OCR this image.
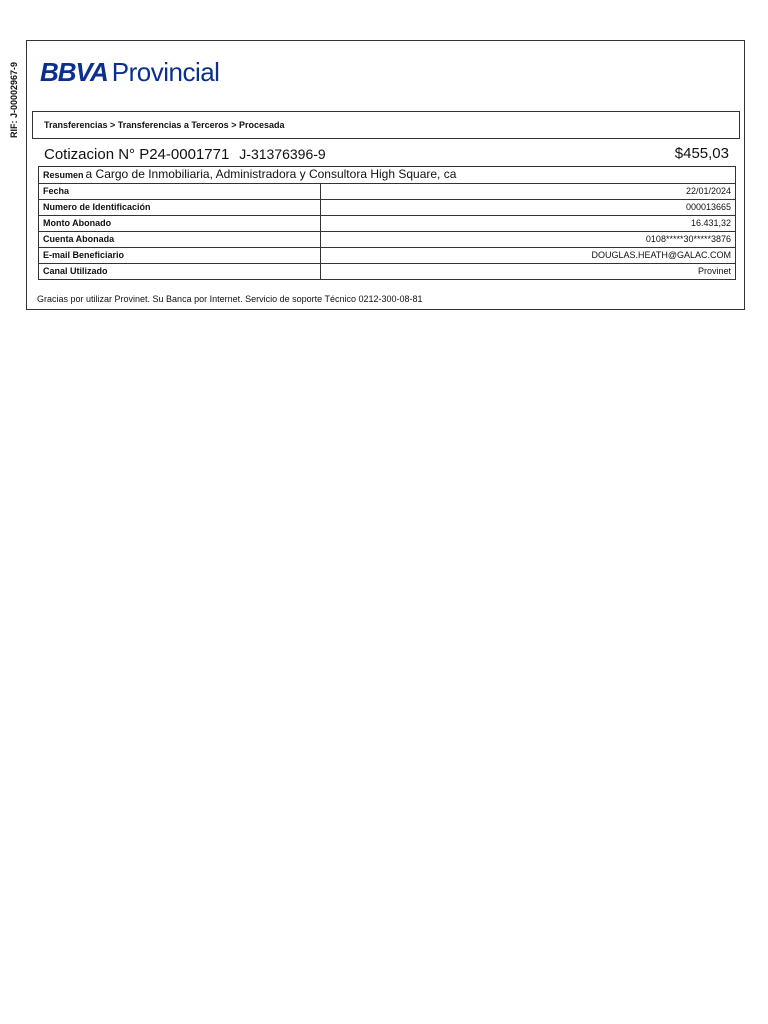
RIF: J-00002967-9 BBVA Provincial
Transferencias > Transferencias a Terceros > Procesada
Cotizacion N° P24-0001771 J-31376396-9	$455,03
Resumen a Cargo de Inmobiliaria, Administradora y Consultora High Square, ca	
Fecha	22/01/2024
Numero de Identificación	000013665
Monto Abonado	16.431,32
Cuenta Abonada	0108*****30*****3876
E-mail Beneficiario	DOUGLAS.HEATH@GALAC.COM
Canal Utilizado	Provinet
Gracias por utilizar Provinet. Su Banca por Internet. Servicio de soporte Técnico 0212-300-08-81
